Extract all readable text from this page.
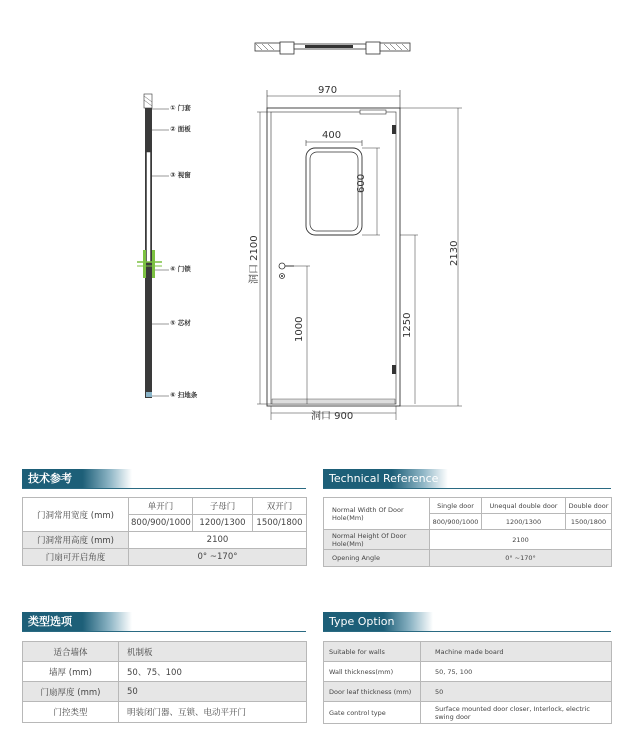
① 门套
② 面板
③ 视窗
④ 门锁
⑤ 芯材
⑥ 扫地条
970
400
600
洞口 2100	2130
1000	1250
洞口 900
技术参考
门洞常用宽度 (mm)	单开门	子母门	双开门
	800/900/1000	1200/1300	1500/1800
门洞常用高度 (mm)	2100		
门扇可开启角度	0° ~170°		
Technical Reference
Normal Width Of Door Hole(Mm)	Single door	Unequal double door	Double door
	800/900/1000	1200/1300	1500/1800
Normal Height Of Door Hole(Mm)	2100		
Opening Angle	0° ~170°		
类型选项
适合墙体	机制板
墙厚 (mm)	50、75、100
门扇厚度 (mm)	50
门控类型	明装闭门器、互锁、电动平开门
Type Option
Suitable for walls	Machine made board
Wall thickness(mm)	50, 75, 100
Door leaf thickness (mm)	50
Gate control type	Surface mounted door closer, Interlock, electric swing door
